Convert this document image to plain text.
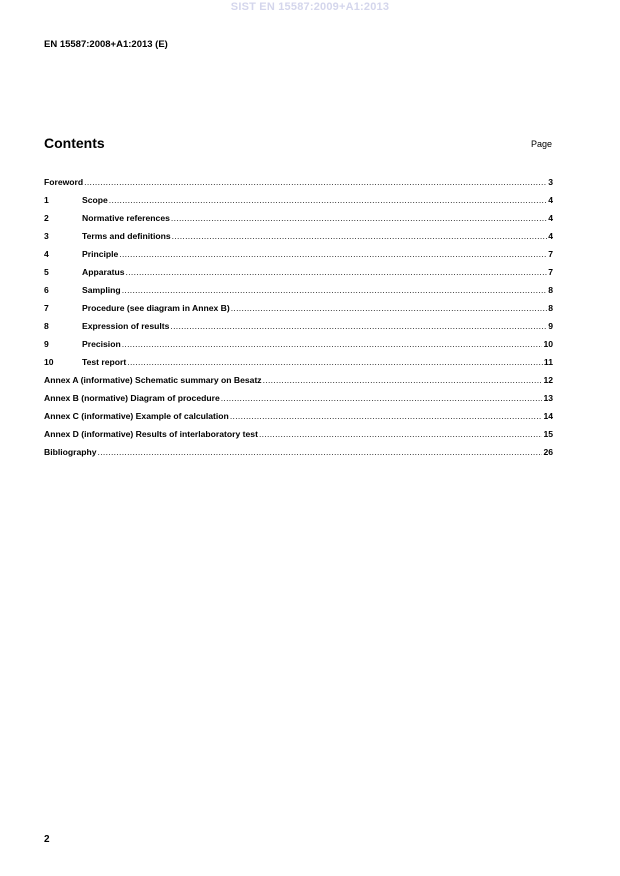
SIST EN 15587:2009+A1:2013
EN 15587:2008+A1:2013 (E)
Contents	Page
Foreword .....	3
1	Scope .....	4
2	Normative references .....	4
3	Terms and definitions .....	4
4	Principle .....	7
5	Apparatus .....	7
6	Sampling .....	8
7	Procedure (see diagram in Annex B) .....	8
8	Expression of results .....	9
9	Precision .....	10
10	Test report .....	11
Annex A (informative) Schematic summary on Besatz .....	12
Annex B (normative) Diagram of procedure .....	13
Annex C (informative) Example of calculation .....	14
Annex D (informative) Results of interlaboratory test .....	15
Bibliography .....	26
2
